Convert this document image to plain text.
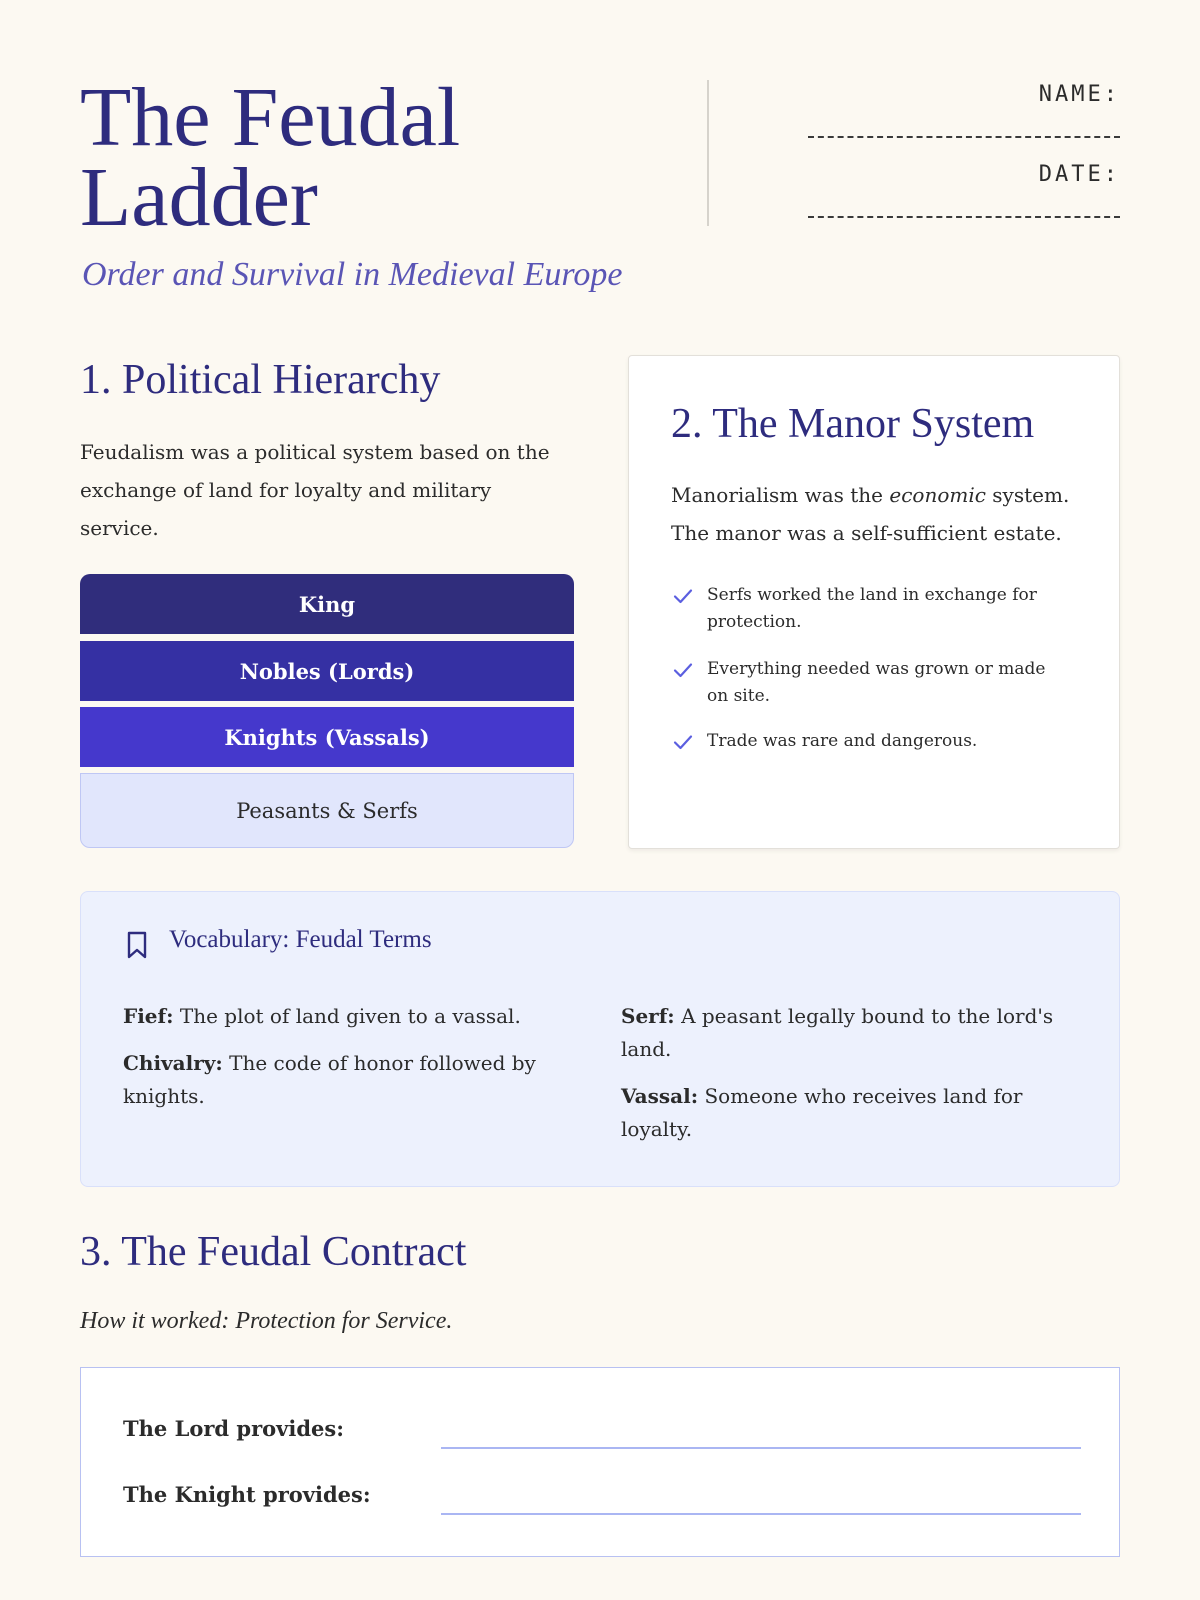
The Feudal
Ladder
Order and Survival in Medieval Europe
NAME:
DATE:
1. Political Hierarchy
Feudalism was a political system based on the exchange of land for loyalty and military service.
King
Nobles (Lords)
Knights (Vassals)
Peasants & Serfs
2. The Manor System
Manorialism was the economic system. The manor was a self-sufficient estate.
Serfs worked the land in exchange for protection.
Everything needed was grown or made on site.
Trade was rare and dangerous.
Vocabulary: Feudal Terms
Fief: The plot of land given to a vassal.
Chivalry: The code of honor followed by knights.
Serf: A peasant legally bound to the lord's land.
Vassal: Someone who receives land for loyalty.
3. The Feudal Contract
How it worked: Protection for Service.
The Lord provides:
The Knight provides:
